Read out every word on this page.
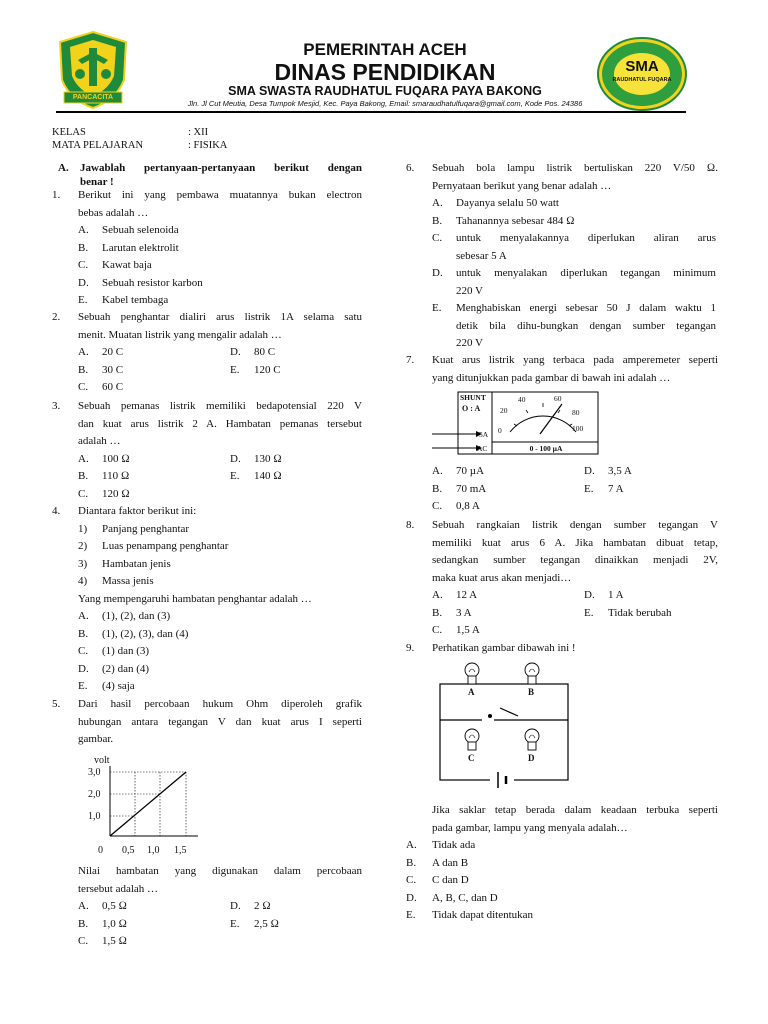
PANCACITA
PEMERINTAH ACEH
DINAS PENDIDIKAN
SMA SWASTA RAUDHATUL FUQARA PAYA BAKONG
Jln. Jl Cut Meutia, Desa Tumpok Mesjid, Kec. Paya Bakong, Email: smaraudhatulfuqara@gmail.com, Kode Pos. 24386
SMA
RAUDHATUL FUQARA
KELAS	: XII
MATA PELAJARAN	: FISIKA
A. Jawablah pertanyaan-pertanyaan berikut dengan
benar !
1. Berikut ini yang pembawa muatannya bukan electron
bebas adalah …
A. Sebuah selenoida
B. Larutan elektrolit
C. Kawat baja
D. Sebuah resistor karbon
E. Kabel tembaga
2. Sebuah penghantar dialiri arus listrik 1A selama satu
menit. Muatan listrik yang mengalir adalah …
A. 20 C	D. 80 C
B. 30 C	E. 120 C
C. 60 C
3. Sebuah pemanas listrik memiliki bedapotensial 220 V
dan kuat arus listrik 2 A. Hambatan pemanas tersebut
adalah …
A. 100 Ω	D. 130 Ω
B. 110 Ω	E. 140 Ω
C. 120 Ω
4. Diantara faktor berikut ini:
1) Panjang penghantar
2) Luas penampang penghantar
3) Hambatan jenis
4) Massa jenis
Yang mempengaruhi hambatan penghantar adalah …
A. (1), (2), dan (3)
B. (1), (2), (3), dan (4)
C. (1) dan (3)
D. (2) dan (4)
E. (4) saja
5. Dari hasil percobaan hukum Ohm diperoleh grafik
hubungan antara tegangan V dan kuat arus I seperti
gambar.
volt
3,0
2,0
1,0
0 0,5 1,0 1,5
Nilai hambatan yang digunakan dalam percobaan
tersebut adalah …
A. 0,5 Ω	D. 2 Ω
B. 1,0 Ω	E. 2,5 Ω
C. 1,5 Ω
6. Sebuah bola lampu listrik bertuliskan 220 V/50 Ω.
Pernyataan berikut yang benar adalah …
A. Dayanya selalu 50 watt
B. Tahanannya sebesar 484 Ω
C. untuk menyalakannya diperlukan aliran arus
sebesar 5 A
D. untuk menyalakan diperlukan tegangan minimum
220 V
E. Menghabiskan energi sebesar 50 J dalam waktu 1
detik bila dihu-bungkan dengan sumber tegangan
220 V
7. Kuat arus listrik yang terbaca pada amperemeter seperti
yang ditunjukkan pada gambar di bawah ini adalah …
SHUNT
O : A
5A
AC
20
40	60
80
100
0
0 - 100 µA
A. 70 µA	D. 3,5 A
B. 70 mA	E. 7 A
C. 0,8 A
8. Sebuah rangkaian listrik dengan sumber tegangan V
memiliki kuat arus 6 A. Jika hambatan dibuat tetap,
sedangkan sumber tegangan dinaikkan menjadi 2V,
maka kuat arus akan menjadi…
A. 12 A	D. 1 A
B. 3 A	E. Tidak berubah
C. 1,5 A
9. Perhatikan gambar dibawah ini !
A	B
C	D
Jika saklar tetap berada dalam keadaan terbuka seperti
pada gambar, lampu yang menyala adalah…
A. Tidak ada
B. A dan B
C. C dan D
D. A, B, C, dan D
E. Tidak dapat ditentukan
